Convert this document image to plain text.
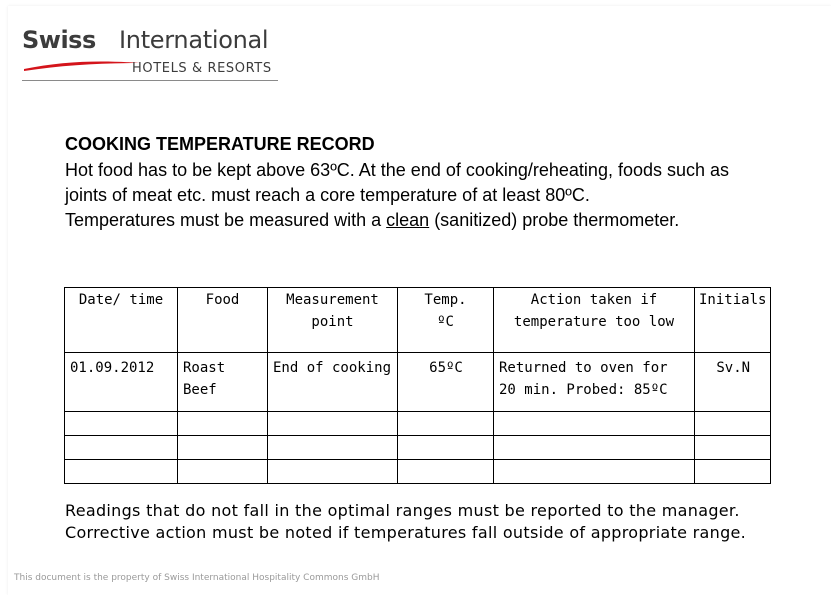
Swiss International
HOTELS & RESORTS
COOKING TEMPERATURE RECORD

Hot food has to be kept above 63ºC. At the end of cooking/reheating, foods such as joints of meat etc. must reach a core temperature of at least 80ºC.

Temperatures must be measured with a clean (sanitized) probe thermometer.

Date/ time	Food	Measurement point	Temp. ºC	Action taken if temperature too low	Initials

01.09.2012	Roast Beef	End of cooking	65ºC	Returned to oven for 20 min. Probed: 85ºC	Sv.N

Readings that do not fall in the optimal ranges must be reported to the manager. Corrective action must be noted if temperatures fall outside of appropriate range.
This document is the property of Swiss International Hospitality Commons GmbH
